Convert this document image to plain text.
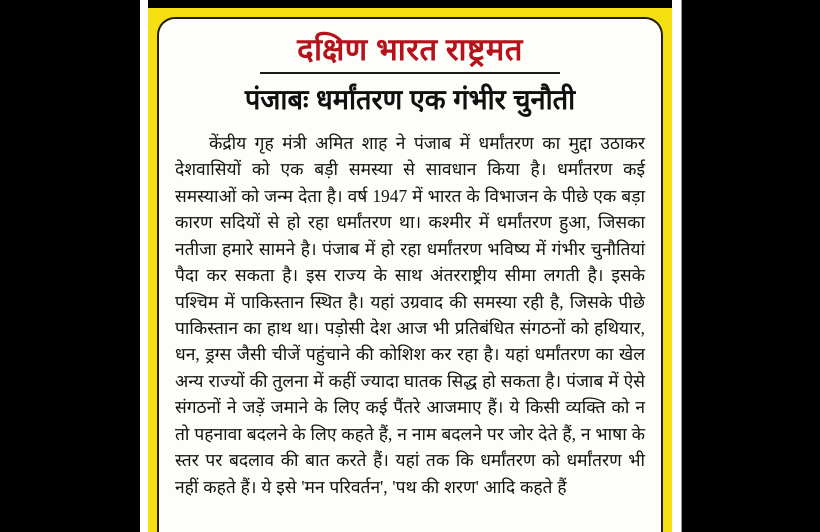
दक्षिण भारत राष्ट्रमत
पंजाबः धर्मांतरण एक गंभीर चुनौती
केंद्रीय गृह मंत्री अमित शाह ने पंजाब में धर्मांतरण का मुद्दा उठाकर देशवासियों को एक बड़ी समस्या से सावधान किया है। धर्मांतरण कई समस्याओं को जन्म देता है। वर्ष 1947 में भारत के विभाजन के पीछे एक बड़ा कारण सदियों से हो रहा धर्मांतरण था। कश्मीर में धर्मांतरण हुआ, जिसका नतीजा हमारे सामने है। पंजाब में हो रहा धर्मांतरण भविष्य में गंभीर चुनौतियां पैदा कर सकता है। इस राज्य के साथ अंतरराष्ट्रीय सीमा लगती है। इसके पश्चिम में पाकिस्तान स्थित है। यहां उग्रवाद की समस्या रही है, जिसके पीछे पाकिस्तान का हाथ था। पड़ोसी देश आज भी प्रतिबंधित संगठनों को हथियार, धन, ड्रग्स जैसी चीजें पहुंचाने की कोशिश कर रहा है। यहां धर्मांतरण का खेल अन्य राज्यों की तुलना में कहीं ज्यादा घातक सिद्ध हो सकता है। पंजाब में ऐसे संगठनों ने जड़ें जमाने के लिए कई पैंतरे आजमाए हैं। ये किसी व्यक्ति को न तो पहनावा बदलने के लिए कहते हैं, न नाम बदलने पर जोर देते हैं, न भाषा के स्तर पर बदलाव की बात करते हैं। यहां तक कि धर्मांतरण को धर्मांतरण भी नहीं कहते हैं। ये इसे 'मन परिवर्तन', 'पथ की शरण' आदि कहते हैं
